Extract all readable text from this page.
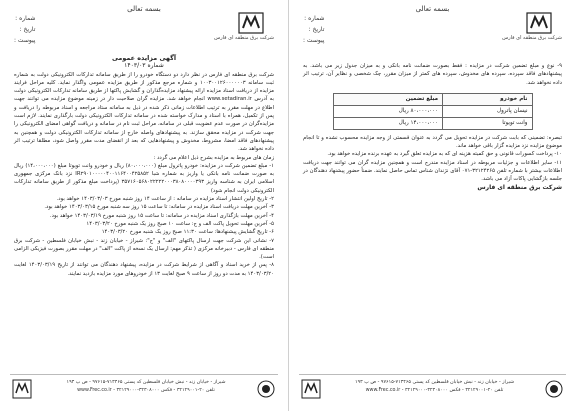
بسمه تعالی
شماره :
تاریخ :
پیوست :	شرکت برق منطقه ای فارس

آگهی مزایده عمومی

شماره ۱۴۰۳/۰۳

شرکت برق منطقه ای فارس در نظر دارد دو دستگاه خودرو را از طریق سامانه تدارکات الکترونیکی دولت به شماره ثبت سامانه ۱۰۰۳۰۰۱۲۶۰۰۰۰۰۰۳ و شماره مرجع مذکور از طریق مزایده عمومی واگذار نماید. کلیه مراحل فرایند مزایده از دریافت اسناد مزایده ارائه پیشنهاد مزایده‌گذاران و گشایش پاکتها از طریق سامانه تدارکات الکترونیکی دولت به آدرس www.setadiran.ir انجام خواهد شد. مزایده گران صلاحیت دار در زمینه موضوع مزایده می توانند جهت اطلاع در مهلت مقرر به ترتیب اطلاعات زمانی ذکر شده در ذیل به سامانه ستاد مراجعه و اسناد مربوطه را دریافت و پس از تکمیل، همراه با اسناد و مدارک خواسته شده در سامانه تدارکات الکترونیکی دولت بارگذاری نمایند. لازم است مزایده‌گران در صورت عدم عضویت قبلی در سامانه، مراحل ثبت نام در سامانه و دریافت گواهی امضای الکترونیکی را جهت شرکت در مزایده محقق سازند. به پیشنهادهای واصله خارج از سامانه تدارکات الکترونیکی دولت و همچنین به پیشنهادهای فاقد امضا، مشروط، مخدوش و پیشنهادهایی که بعد از انقضای مدت مقرر واصل شود، مطلقا ترتیب اثر داده نخواهد شد.

زمان های مربوط به مزایده بشرح ذیل اعلام می گردد :

۱- مبلغ تضمین شرکت در مزایده: خودرو پاترول مبلغ (۸۰،۰۰۰،۰۰۰) ریال و خودرو وانت تویوتا مبلغ (۱۴،۰۰۰،۰۰۰) ریال به صورت ضمانت نامه بانکی یا واریز به شماره شبا IR۲۹۰۱۰۰۰۰۰۴۰۰۱۱۶۴۰۰۴۲۵۸۵۲ نزد بانک مرکزی جمهوری اسلامی ایران به شناسه واریز ۳۵۷۱۶۰۵۶۸۰۲۲۲۲۲۰۰۰۳۸۰۸۰۰۰۰۳۹۳ (پرداخت مبلغ مذکور از طریق سامانه تدارکات الکترونیکی دولت انجام شود)

۲- تاریخ اولین انتشار اسناد مزایده در سامانه : از ساعت ۱۴ روز شنبه مورخ ۱۴۰۳/۰۳/۰۳ خواهد بود.

۳- آخرین مهلت دریافت اسناد مزایده در سامانه: تا ساعت ۱۵ روز سه شنبه مورخ ۱۴۰۳/۰۳/۱۵ خواهد بود.

۴- آخرین مهلت بازگذاری اسناد مزایده در سامانه: تا ساعت ۱۵ روز شنبه مورخ ۱۴۰۳/۰۳/۱۹ خواهد بود.

۵- آخرین مهلت تحویل پاکت الف و ج: ساعت ۱۰ صبح روز یک شنبه مورخ ۱۴۰۳/۰۳/۲۰

۶- تاریخ گشایش پیشنهادها: ساعت ۱۱:۳۰ صبح روز یک شنبه مورخ ۱۴۰۳/۰۳/۲۰

۷- نشانی این شرکت جهت ارسال پاکتهای "الف" و "ج": شیراز - خیابان زند - نبش خیابان فلسطین - شرکت برق منطقه ای فارس - دبیرخانه مرکزی ( تذکر مهم: ارسال یک نسخه از پاکت "الف" در مهلت مقرر بصورت فیزیکی الزامی است).

۸- پس از خرید اسناد و آگاهی از شرایط شرکت در مزایده، پیشنهاد دهندگان می توانند از تاریخ ۱۴۰۳/۰۳/۱۹ لغایت ۱۴۰۳/۰۳/۲۰ به مدت دو روز از ساعت ۹ صبح لغایت ۱۳ از خودروهای مورد مزایده بازدید نمایند.

شیراز - خیابان زند - نبش خیابان فلسطین کد پستی ۷۱۳۴۶۵-۹۷۶۱۵ - ص پ ۱۹۳
تلفن ۲۰-۳۲۱۲۹۰۰۱ - فکس ۳۲۳۰۸۰۰۰-۳۲۱۲۹۰۰۰ - www.Frec.co.ir
بسمه تعالی
شماره :
تاریخ :
پیوست :	شرکت برق منطقه ای فارس

۹- نوع و مبلغ تضمین شرکت در مزایده : فقط بصورت ضمانت نامه بانکی و به میزان جدول زیر می باشد. به پیشنهادهای فاقد سپرده، سپرده های مخدوش، سپرده های کمتر از میزان مقرر، چک شخصی و نظایر آن، ترتیب اثر داده نخواهد شد.

نام خودرو	مبلغ تضمین
نیسان پاترول	۸۰،۰۰۰،۰۰۰ ریال
وانت تویوتا	۱۴،۰۰۰،۰۰۰ ریال

تبصره: تضمینی که بابت شرکت در مزایده تحویل می گردد به عنوان قسمتی از وجه مزایده محسوب نشده و تا انجام موضوع مزایده نزد مزایده گزار باقی خواهد ماند.

۱۰- پرداخت کسورات قانونی و حق کمیته هزینه ای که به مزایده تعلق گیرد به عهده برنده مزایده خواهد بود.

۱۱- سایر اطلاعات و جزئیات مربوطه در اسناد مزایده مندرج است و همچنین مزایده گران می توانند جهت دریافت اطلاعات بیشتر با شماره تلفن ۳۲۱۲۴۲۶۵-۰۷۱ آقای نژندان شناس تماس حاصل نمایند. ضمناً حضور پیشنهاد دهندگان در جلسه بازگشایی پاکات آزاد می باشد.

شرکت برق منطقه ای فارس

شیراز - خیابان زند - نبش خیابان فلسطین کد پستی ۷۱۳۴۶۵-۹۷۶۱۵ - ص پ ۱۹۳
تلفن ۲۰-۳۲۱۲۹۰۰۱ - فکس ۳۲۳۰۸۰۰۰-۳۲۱۲۹۰۰۰ - www.Frec.co.ir
